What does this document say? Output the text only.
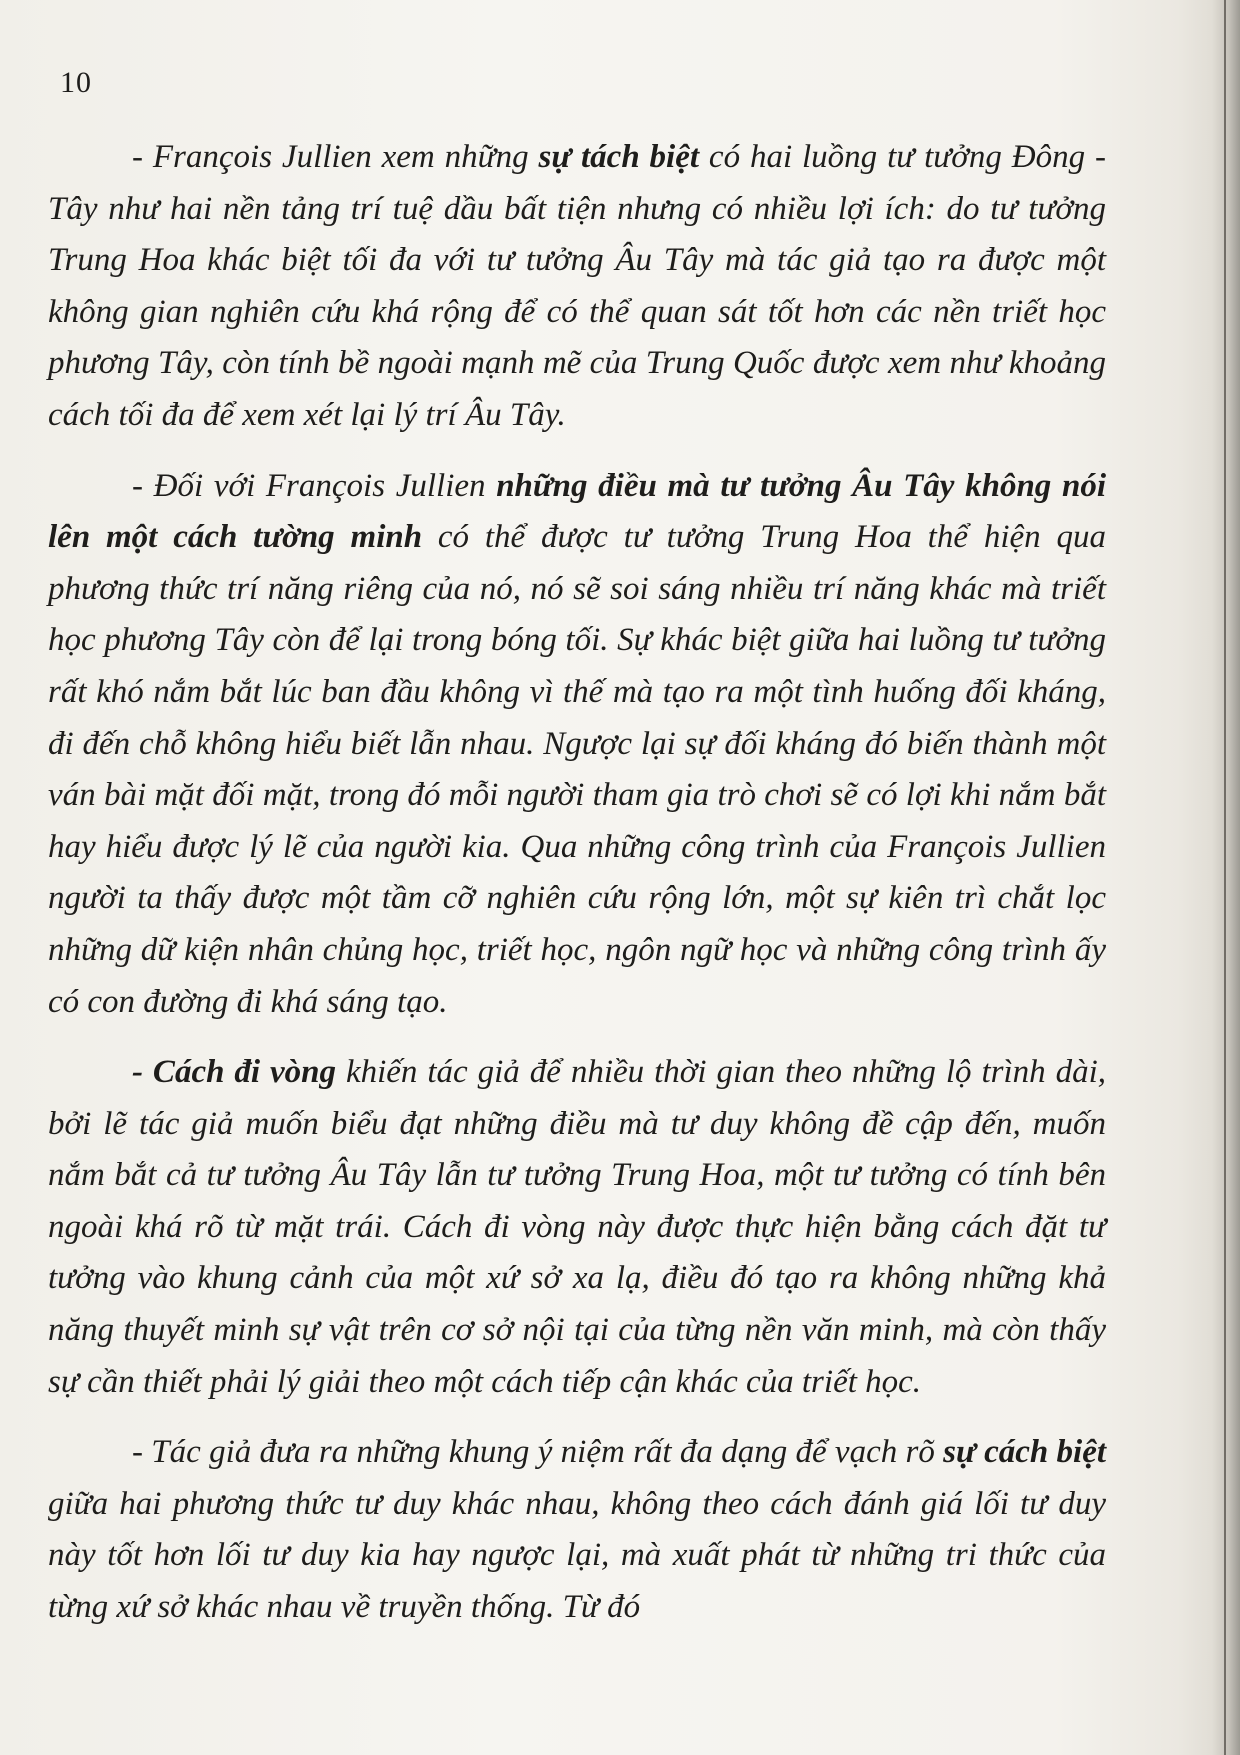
10

- François Jullien xem những sự tách biệt có hai luồng tư tưởng Đông - Tây như hai nền tảng trí tuệ dầu bất tiện nhưng có nhiều lợi ích: do tư tưởng Trung Hoa khác biệt tối đa với tư tưởng Âu Tây mà tác giả tạo ra được một không gian nghiên cứu khá rộng để có thể quan sát tốt hơn các nền triết học phương Tây, còn tính bề ngoài mạnh mẽ của Trung Quốc được xem như khoảng cách tối đa để xem xét lại lý trí Âu Tây.

- Đối với François Jullien những điều mà tư tưởng Âu Tây không nói lên một cách tường minh có thể được tư tưởng Trung Hoa thể hiện qua phương thức trí năng riêng của nó, nó sẽ soi sáng nhiều trí năng khác mà triết học phương Tây còn để lại trong bóng tối. Sự khác biệt giữa hai luồng tư tưởng rất khó nắm bắt lúc ban đầu không vì thế mà tạo ra một tình huống đối kháng, đi đến chỗ không hiểu biết lẫn nhau. Ngược lại sự đối kháng đó biến thành một ván bài mặt đối mặt, trong đó mỗi người tham gia trò chơi sẽ có lợi khi nắm bắt hay hiểu được lý lẽ của người kia. Qua những công trình của François Jullien người ta thấy được một tầm cỡ nghiên cứu rộng lớn, một sự kiên trì chắt lọc những dữ kiện nhân chủng học, triết học, ngôn ngữ học và những công trình ấy có con đường đi khá sáng tạo.

- Cách đi vòng khiến tác giả để nhiều thời gian theo những lộ trình dài, bởi lẽ tác giả muốn biểu đạt những điều mà tư duy không đề cập đến, muốn nắm bắt cả tư tưởng Âu Tây lẫn tư tưởng Trung Hoa, một tư tưởng có tính bên ngoài khá rõ từ mặt trái. Cách đi vòng này được thực hiện bằng cách đặt tư tưởng vào khung cảnh của một xứ sở xa lạ, điều đó tạo ra không những khả năng thuyết minh sự vật trên cơ sở nội tại của từng nền văn minh, mà còn thấy sự cần thiết phải lý giải theo một cách tiếp cận khác của triết học.

- Tác giả đưa ra những khung ý niệm rất đa dạng để vạch rõ sự cách biệt giữa hai phương thức tư duy khác nhau, không theo cách đánh giá lối tư duy này tốt hơn lối tư duy kia hay ngược lại, mà xuất phát từ những tri thức của từng xứ sở khác nhau về truyền thống. Từ đó
